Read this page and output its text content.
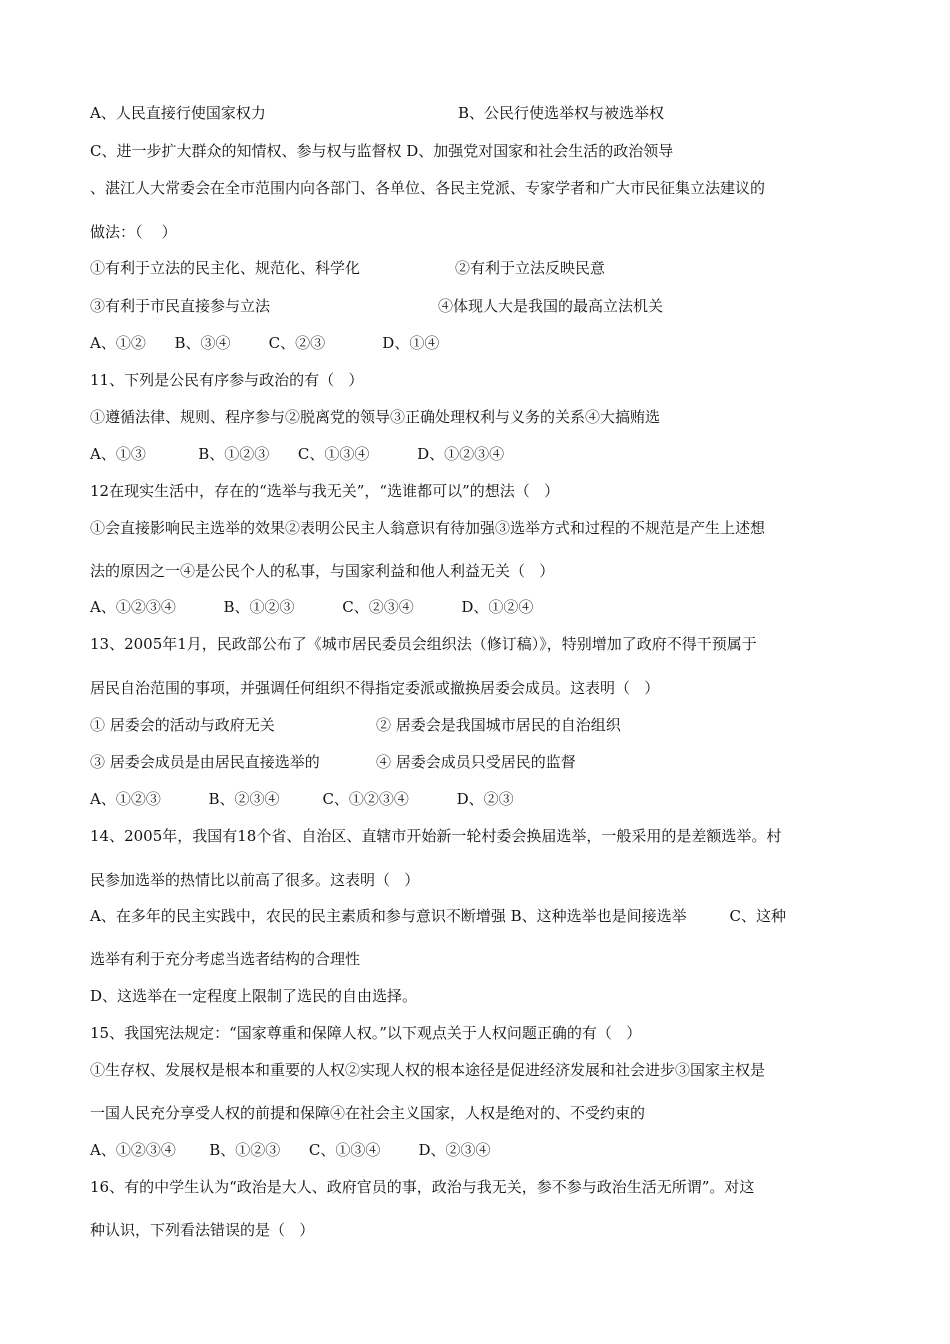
A、人民直接行使国家权力	B、公民行使选举权与被选举权
C、进一步扩大群众的知情权、参与权与监督权 D、加强党对国家和社会生活的政治领导
、湛江人大常委会在全市范围内向各部门、各单位、各民主党派、专家学者和广大市民征集立法建议的
做法：（    ）
①有利于立法的民主化、规范化、科学化	②有利于立法反映民意
③有利于市民直接参与立法	④体现人大是我国的最高立法机关
A、①②      B、③④        C、②③            D、①④
11、下列是公民有序参与政治的有（   ）
①遵循法律、规则、程序参与②脱离党的领导③正确处理权利与义务的关系④大搞贿选
A、①③           B、①②③      C、①③④          D、①②③④
12在现实生活中，存在的“选举与我无关”，“选谁都可以”的想法（   ）
①会直接影响民主选举的效果②表明公民主人翁意识有待加强③选举方式和过程的不规范是产生上述想
法的原因之一④是公民个人的私事，与国家利益和他人利益无关（   ）
A、①②③④          B、①②③          C、②③④          D、①②④
13、2005年1月，民政部公布了《城市居民委员会组织法（修订稿）》，特别增加了政府不得干预属于
居民自治范围的事项，并强调任何组织不得指定委派或撤换居委会成员。这表明（   ）
① 居委会的活动与政府无关	② 居委会是我国城市居民的自治组织
③ 居委会成员是由居民直接选举的	④ 居委会成员只受居民的监督
A、①②③          B、②③④         C、①②③④          D、②③
14、2005年，我国有18个省、自治区、直辖市开始新一轮村委会换届选举，一般采用的是差额选举。村
民参加选举的热情比以前高了很多。这表明（   ）
A、在多年的民主实践中，农民的民主素质和参与意识不断增强 B、这种选举也是间接选举         C、这种
选举有利于充分考虑当选者结构的合理性
D、这选举在一定程度上限制了选民的自由选择。
15、我国宪法规定：“国家尊重和保障人权。”以下观点关于人权问题正确的有（   ）
①生存权、发展权是根本和重要的人权②实现人权的根本途径是促进经济发展和社会进步③国家主权是
一国人民充分享受人权的前提和保障④在社会主义国家，人权是绝对的、不受约束的
A、①②③④       B、①②③      C、①③④        D、②③④
16、有的中学生认为“政治是大人、政府官员的事，政治与我无关，参不参与政治生活无所谓”。对这
种认识，下列看法错误的是（   ）
